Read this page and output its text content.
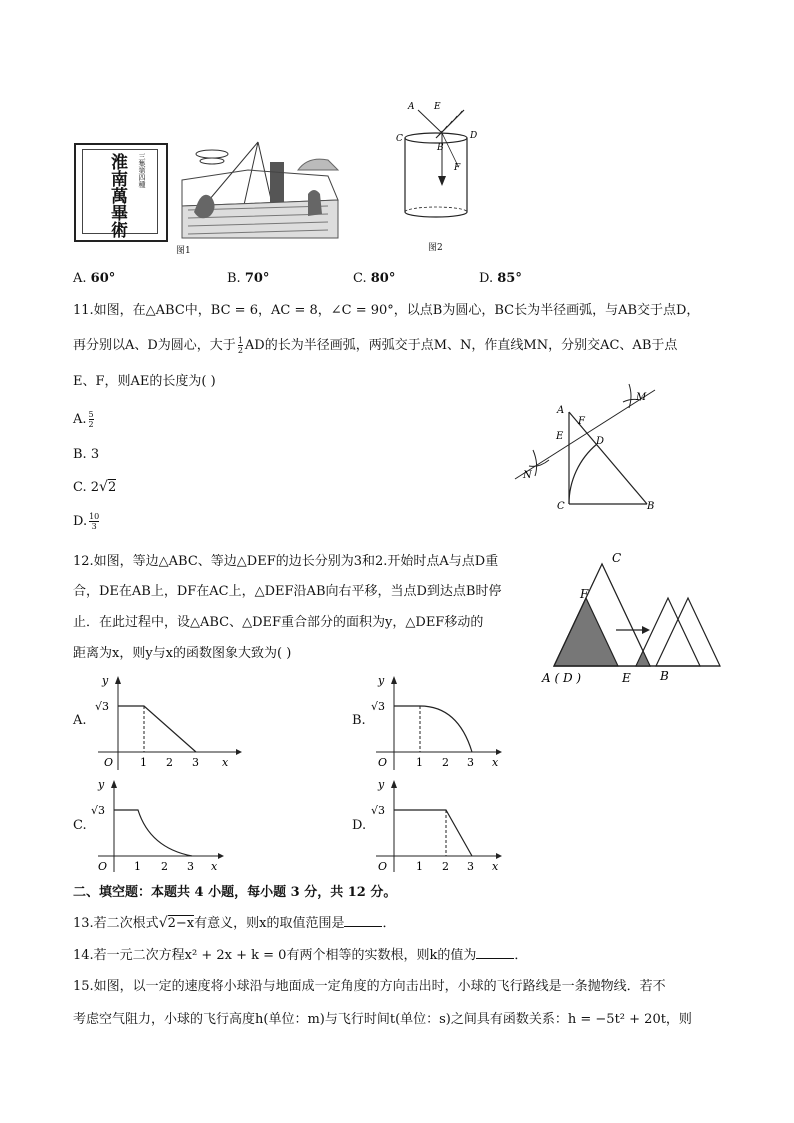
淮南萬畢術 三集第四種
图1
A E
C
B
D
F
图2
A. 60°	B. 70°	C. 80°	D. 85°
11.如图，在△ABC中，BC = 6，AC = 8，∠C = 90°，以点B为圆心，BC长为半径画弧，与AB交于点D，
再分别以A、D为圆心，大于 $\frac{1}{2}$ AD的长为半径画弧，两弧交于点M、N，作直线MN，分别交AC、AB于点
E、F，则AE的长度为( )
A. $\frac{5}{2}$
B. 3
C. 2√2
D. $\frac{10}{3}$
A
F
M
E	D
N
C	B
12.如图，等边△ABC、等边△DEF的边长分别为3和2.开始时点A与点D重
合，DE在AB上，DF在AC上，△DEF沿AB向右平移，当点D到达点B时停
止．在此过程中，设△ABC、△DEF重合部分的面积为y，△DEF移动的
距离为x，则y与x的函数图象大致为( )
C
F
A ( D )	E B
A.
y
√3
O 1 2 3 x
B.
y
√3
O	1 2 3 x
C.
y
√3
O 1 2 3 x
D.
y
√3
O	1 2 3 x
二、填空题：本题共 4 小题，每小题 3 分，共 12 分。
13.若二次根式√2−x有意义，则x的取值范围是	．
14.若一元二次方程x² + 2x + k = 0有两个相等的实数根，则k的值为	．
15.如图，以一定的速度将小球沿与地面成一定角度的方向击出时，小球的飞行路线是一条抛物线．若不
考虑空气阻力，小球的飞行高度h(单位：m)与飞行时间t(单位：s)之间具有函数关系：h = −5t² + 20t，则
